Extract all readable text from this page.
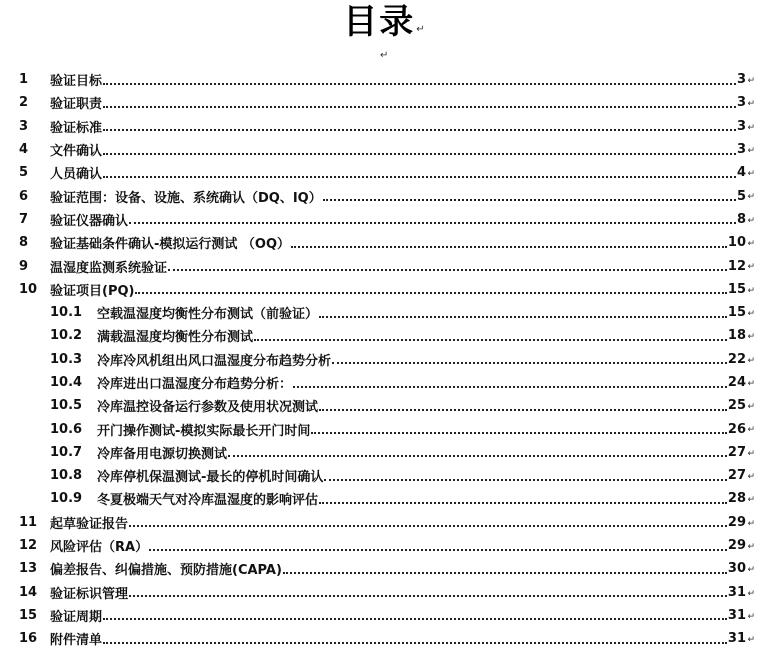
目录$_↵$
↵
1	验证目标	3 ↵
2	验证职责	3 ↵
3	验证标准	3 ↵
4	文件确认	3 ↵
5	人员确认	4 ↵
6	验证范围：设备、设施、系统确认（DQ、IQ）	5 ↵
7	验证仪器确认	8 ↵
8	验证基础条件确认-模拟运行测试 （OQ）	10 ↵
9	温湿度监测系统验证	12 ↵
10 验证项目(PQ)	15 ↵
10.1	空载温湿度均衡性分布测试（前验证）	15 ↵
10.2	满载温湿度均衡性分布测试	18 ↵
10.3	冷库冷风机组出风口温湿度分布趋势分析	22 ↵
10.4	冷库进出口温湿度分布趋势分析：	24 ↵
10.5	冷库温控设备运行参数及使用状况测试	25 ↵
10.6	开门操作测试-模拟实际最长开门时间	26 ↵
10.7	冷库备用电源切换测试	27 ↵
10.8	冷库停机保温测试-最长的停机时间确认	27 ↵
10.9	冬夏极端天气对冷库温湿度的影响评估	28 ↵
11 起草验证报告	29 ↵
12 风险评估（RA）	29 ↵
13 偏差报告、纠偏措施、预防措施(CAPA)	30 ↵
14 验证标识管理	31 ↵
15 验证周期	31 ↵
16 附件清单	31 ↵
